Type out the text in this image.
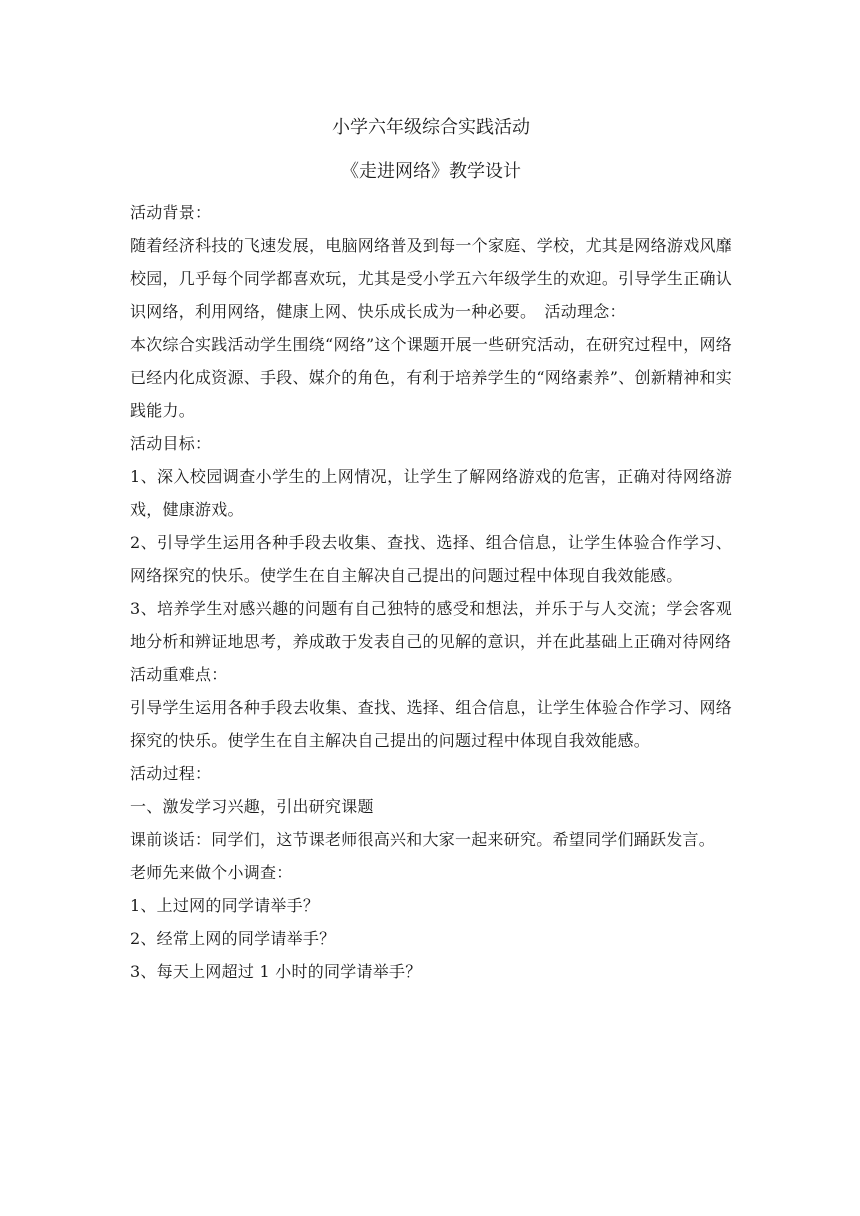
小学六年级综合实践活动
《走进网络》教学设计

活动背景：

随着经济科技的飞速发展，电脑网络普及到每一个家庭、学校，尤其是网络游戏风靡校园，几乎每个同学都喜欢玩，尤其是受小学五六年级学生的欢迎。引导学生正确认识网络，利用网络，健康上网、快乐成长成为一种必要。　活动理念：

本次综合实践活动学生围绕“网络”这个课题开展一些研究活动，在研究过程中，网络已经内化成资源、手段、媒介的角色，有利于培养学生的“网络素养”、创新精神和实践能力。

活动目标：

1、深入校园调查小学生的上网情况，让学生了解网络游戏的危害，正确对待网络游戏，健康游戏。

2、引导学生运用各种手段去收集、查找、选择、组合信息，让学生体验合作学习、网络探究的快乐。使学生在自主解决自己提出的问题过程中体现自我效能感。

3、培养学生对感兴趣的问题有自己独特的感受和想法，并乐于与人交流；学会客观地分析和辨证地思考，养成敢于发表自己的见解的意识，并在此基础上正确对待网络

活动重难点：

引导学生运用各种手段去收集、查找、选择、组合信息，让学生体验合作学习、网络探究的快乐。使学生在自主解决自己提出的问题过程中体现自我效能感。

活动过程：

一、激发学习兴趣，引出研究课题

课前谈话：同学们，这节课老师很高兴和大家一起来研究。希望同学们踊跃发言。

老师先来做个小调查：

1、上过网的同学请举手？

2、经常上网的同学请举手？

3、每天上网超过 1 小时的同学请举手？
